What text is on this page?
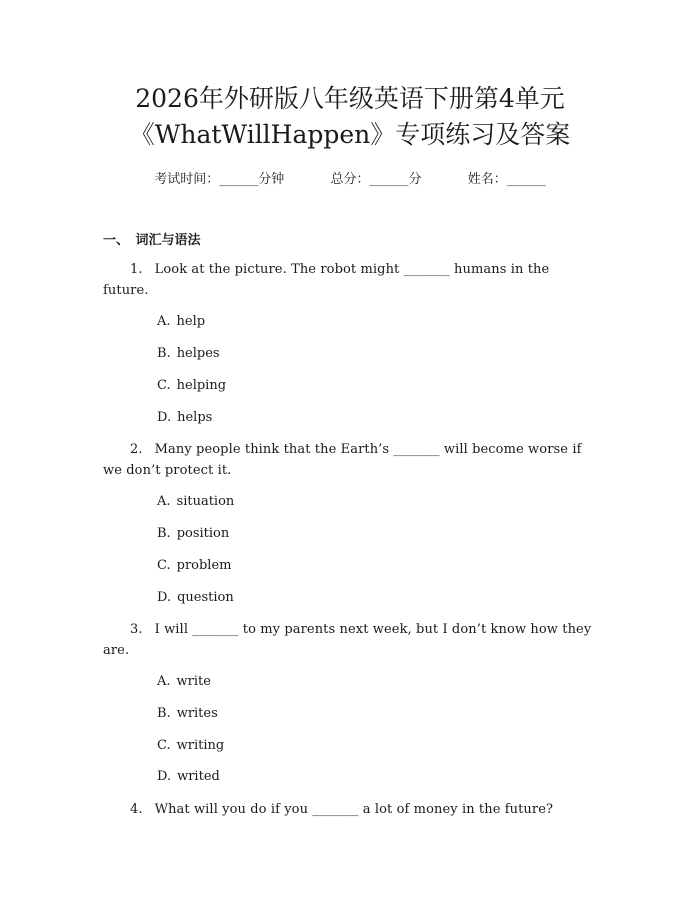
2026年外研版八年级英语下册第4单元
《WhatWillHappen》专项练习及答案
考试时间：______分钟	总分：______分	姓名：______
一、　词汇与语法
1. Look at the picture. The robot might _______ humans in the future.
A. help
B. helpes
C. helping
D. helps
2. Many people think that the Earth’s _______ will become worse if we don’t protect it.
A. situation
B. position
C. problem
D. question
3. I will _______ to my parents next week, but I don’t know how they are.
A. write
B. writes
C. writing
D. writed
4. What will you do if you _______ a lot of money in the future?
